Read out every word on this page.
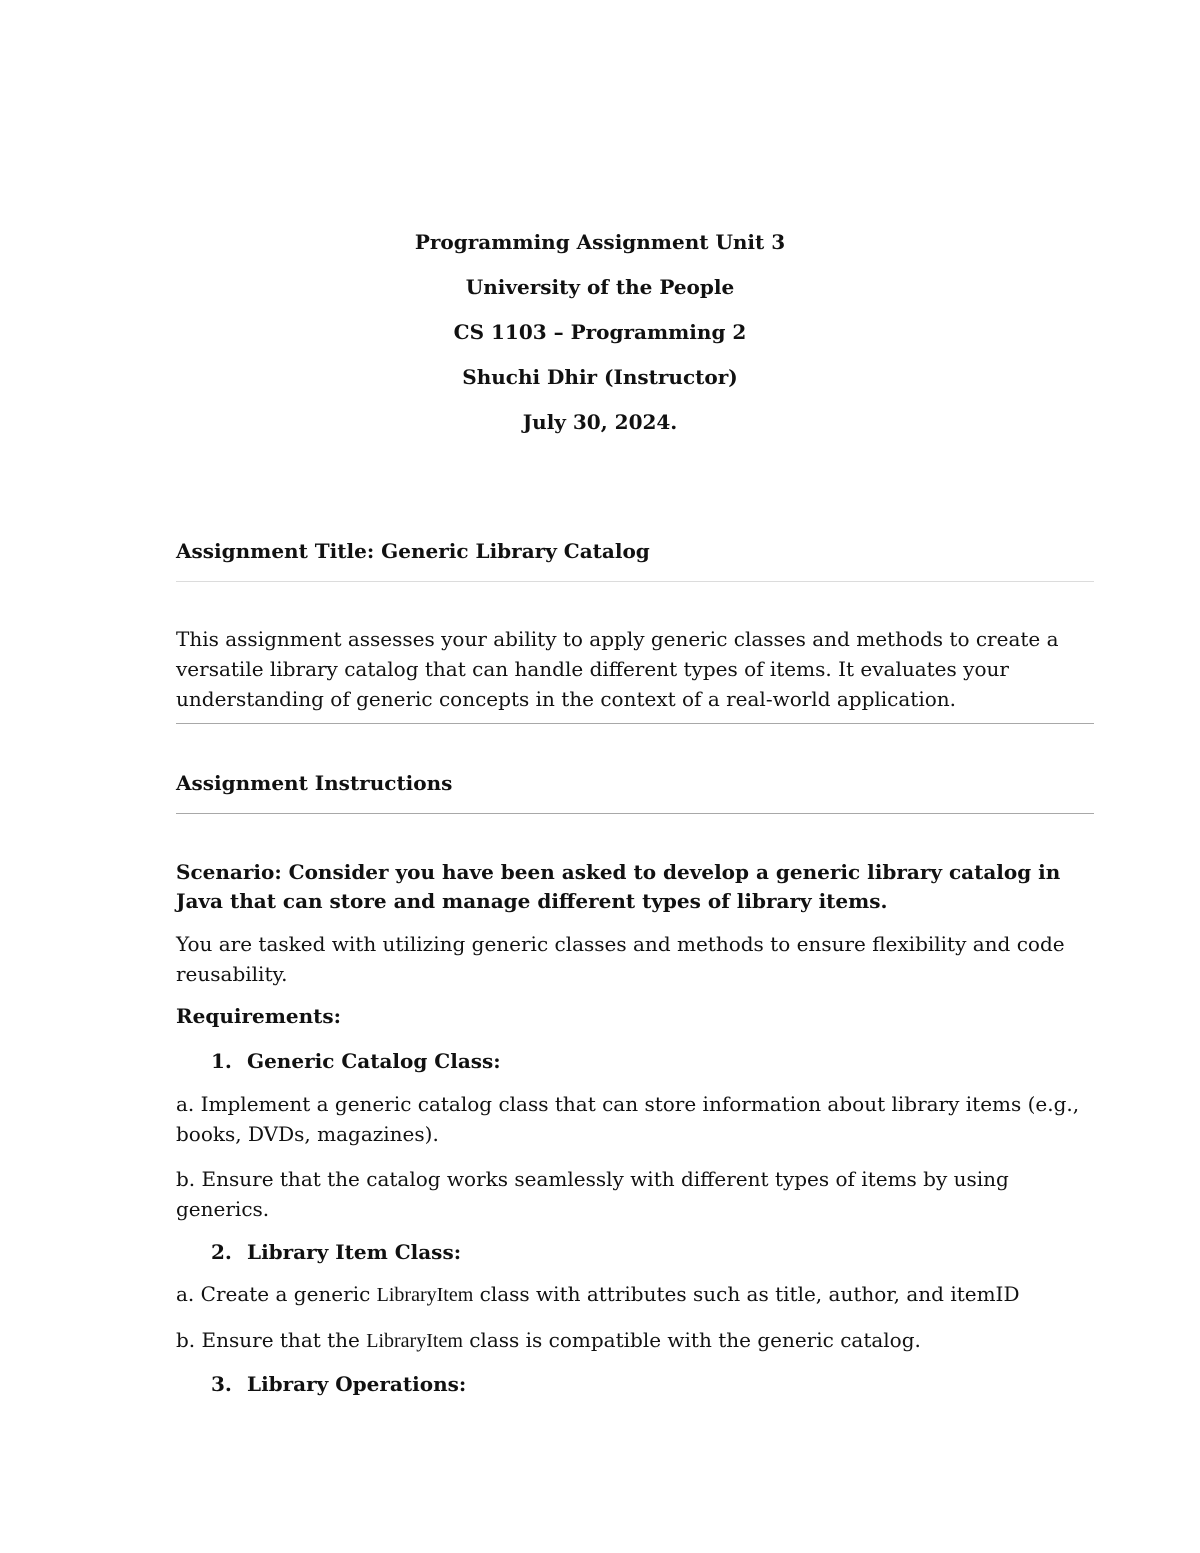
Programming Assignment Unit 3
University of the People
CS 1103 – Programming 2
Shuchi Dhir (Instructor)
July 30, 2024.
Assignment Title: Generic Library Catalog

This assignment assesses your ability to apply generic classes and methods to create a versatile library catalog that can handle different types of items. It evaluates your understanding of generic concepts in the context of a real-world application.

Assignment Instructions

Scenario: Consider you have been asked to develop a generic library catalog in Java that can store and manage different types of library items.

You are tasked with utilizing generic classes and methods to ensure flexibility and code reusability.

Requirements:
1. Generic Catalog Class:

a. Implement a generic catalog class that can store information about library items (e.g., books, DVDs, magazines).

b. Ensure that the catalog works seamlessly with different types of items by using generics.

2. Library Item Class:

a. Create a generic LibraryItem class with attributes such as title, author, and itemID

b. Ensure that the LibraryItem class is compatible with the generic catalog.

3. Library Operations:
